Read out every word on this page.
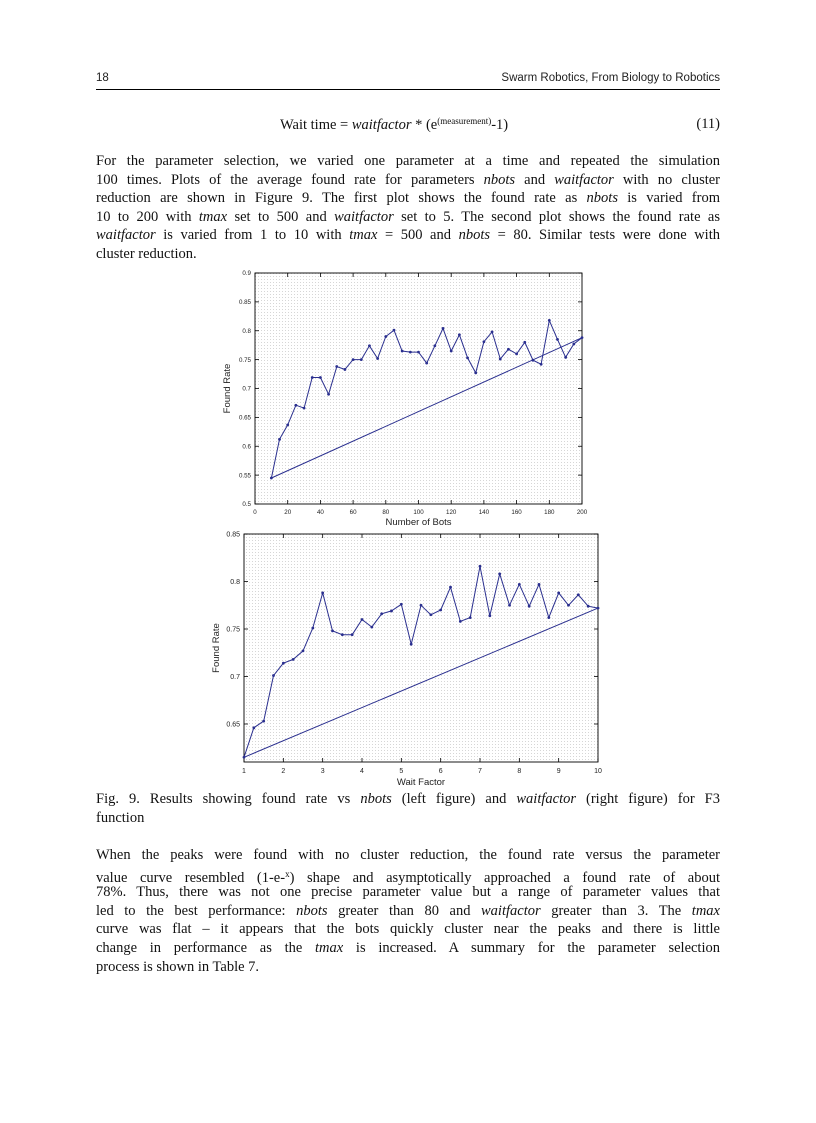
18	Swarm Robotics, From Biology to Robotics
Wait time = waitfactor * $(e^{(measurement)}-1)$	(11)
For the parameter selection, we varied one parameter at a time and repeated the simulation
100 times. Plots of the average found rate for parameters nbots and waitfactor with no cluster
reduction are shown in Figure 9. The first plot shows the found rate as nbots is varied from
10 to 200 with tmax set to 500 and waitfactor set to 5. The second plot shows the found rate as
waitfactor is varied from 1 to 10 with tmax = 500 and nbots = 80. Similar tests were done with
cluster reduction.
0	20	40	60	80	100	120	140	160	180	200
0.5
0.55
0.6
0.65
0.7
0.75
0.8
0.85
0.9
Number of Bots
Found Rate
1	2	3	4	5	6	7	8	9	10
0.65
0.7
0.75
0.8
0.85
Wait Factor
Found Rate
Fig. 9. Results showing found rate vs nbots (left figure) and waitfactor (right figure) for F3
function
When the peaks were found with no cluster reduction, the found rate versus the parameter
value curve resembled (1-e-$^x$) shape and asymptotically approached a found rate of about
78%. Thus, there was not one precise parameter value but a range of parameter values that
led to the best performance: nbots greater than 80 and waitfactor greater than 3. The tmax
curve was flat – it appears that the bots quickly cluster near the peaks and there is little
change in performance as the tmax is increased. A summary for the parameter selection
process is shown in Table 7.
